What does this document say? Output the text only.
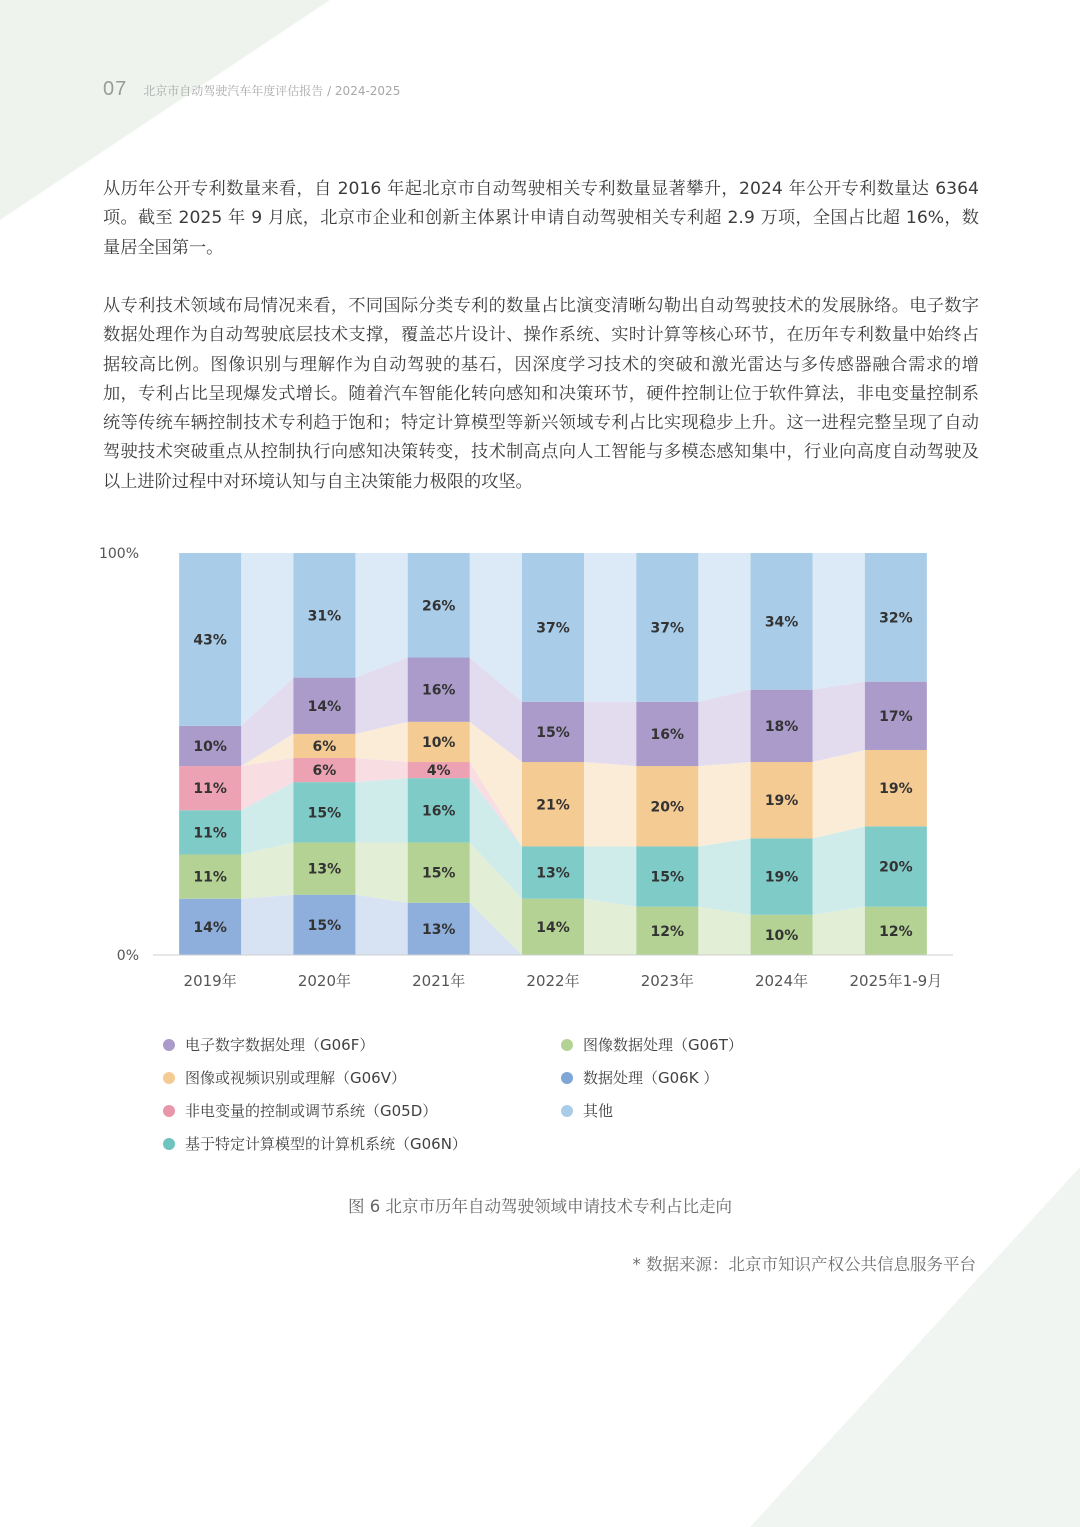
07 北京市自动驾驶汽车年度评估报告 / 2024-2025

从历年公开专利数量来看，自 2016 年起北京市自动驾驶相关专利数量显著攀升，2024 年公开专利数量达 6364 项。截至 2025 年 9 月底，北京市企业和创新主体累计申请自动驾驶相关专利超 2.9 万项，全国占比超 16%，数量居全国第一。

从专利技术领域布局情况来看，不同国际分类专利的数量占比演变清晰勾勒出自动驾驶技术的发展脉络。电子数字数据处理作为自动驾驶底层技术支撑，覆盖芯片设计、操作系统、实时计算等核心环节，在历年专利数量中始终占据较高比例。图像识别与理解作为自动驾驶的基石，因深度学习技术的突破和激光雷达与多传感器融合需求的增加，专利占比呈现爆发式增长。随着汽车智能化转向感知和决策环节，硬件控制让位于软件算法，非电变量控制系统等传统车辆控制技术专利趋于饱和；特定计算模型等新兴领域专利占比实现稳步上升。这一进程完整呈现了自动驾驶技术突破重点从控制执行向感知决策转变，技术制高点向人工智能与多模态感知集中，行业向高度自动驾驶及以上进阶过程中对环境认知与自主决策能力极限的攻坚。

14%	15%	13%
11%
13%	15%
14%	12%	10%	12%
11%
15%	16%
13%	15%	19%
20%
11%
6%	4%
6%	10%
21%	20%	19%
19%
10%
14%
16%
15%	16%
18%
17%
43%
31%
26%
37%	37%	34%	32%
0%
100%
2019年	2020年	2021年	2022年	2023年	2024年	2025年1-9月
电子数字数据处理（G06F）	图像数据处理（G06T）
图像或视频识别或理解（G06V）	数据处理（G06K ）
非电变量的控制或调节系统（G05D）	其他
基于特定计算模型的计算机系统（G06N）
图 6 北京市历年自动驾驶领域申请技术专利占比走向
* 数据来源：北京市知识产权公共信息服务平台
